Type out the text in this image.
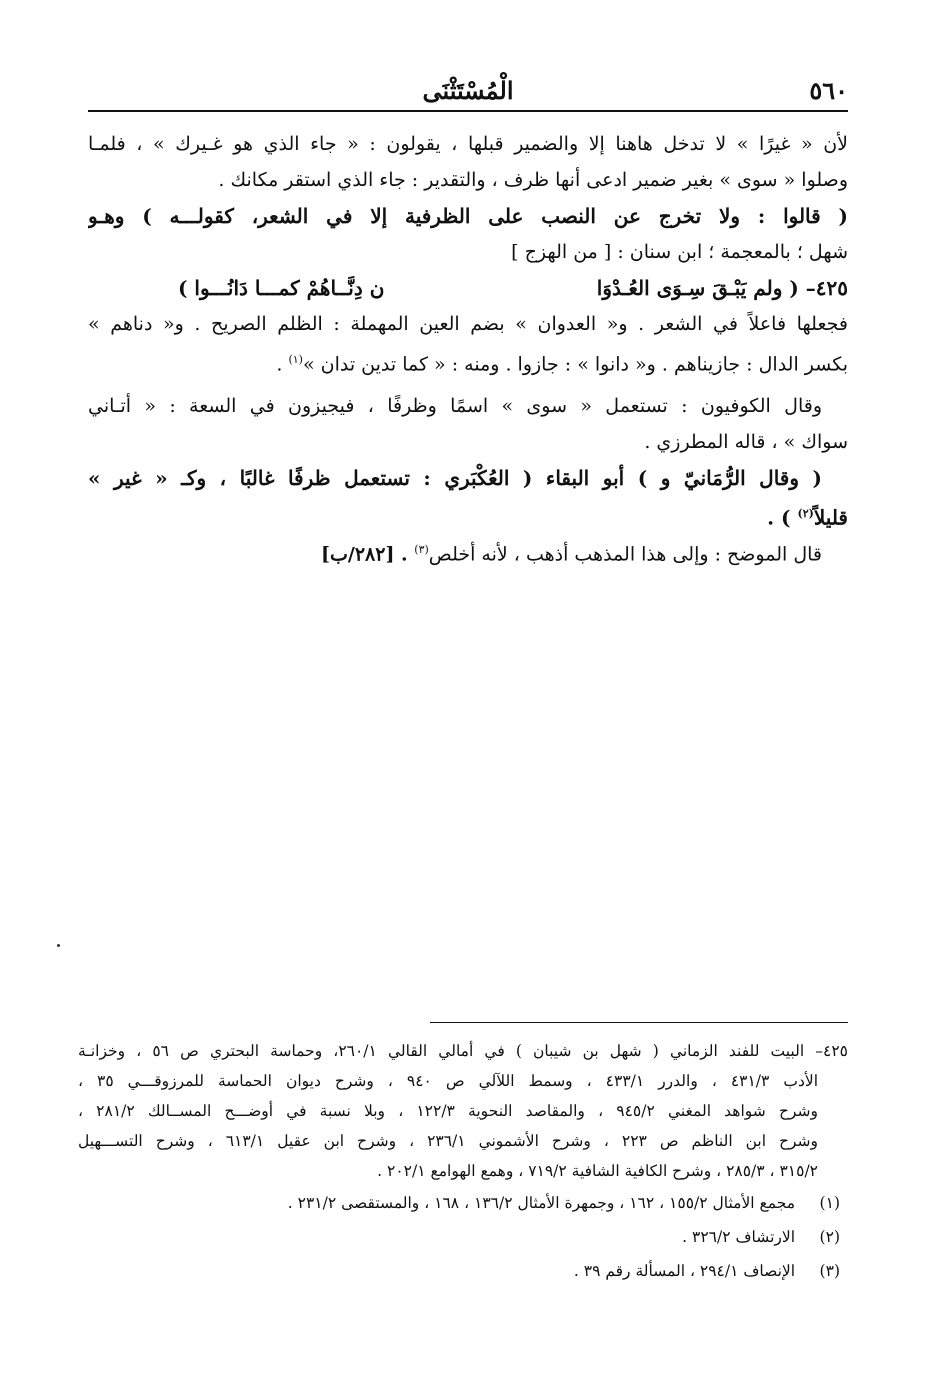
٥٦٠
الْمُسْتَثْنَى
لأن « غيرًا » لا تدخل هاهنا إلا والضمير قبلها ، يقولون : « جاء الذي هو غـيرك » ، فلمـا
وصلوا « سوى » بغير ضمير ادعى أنها ظرف ، والتقدير : جاء الذي استقر مكانك .
( قالوا : ولا تخرج عن النصب على الظرفية إلا في الشعر، كقولـــه ) وهـو
شهل ؛ بالمعجمة ؛ ابن سنان : [ من الهزج ]
٤٢٥– ( ولم يَبْـقَ سِـوَى العُـدْوَا
ن دِنَّــاهُمْ كمـــا دَانُـــوا )
فجعلها فاعلاً في الشعر . و« العدوان » بضم العين المهملة : الظلم الصريح . و« دناهم »
بكسر الدال : جازيناهم . و« دانوا » : جازوا . ومنه : « كما تدين تدان »$^{(١)}$ .
وقال الكوفيون : تستعمل « سوى » اسمًا وظرفًا ، فيجيزون في السعة : « أتـاني
سواك » ، قاله المطرزي .
( وقال الرُّمَانيّ و ) أبو البقاء ( العُكْبَري : تستعمل ظرفًا غالبًا ، وكـ « غير »
قليلاً$^{(٢)}$ ) .
قال الموضح : وإلى هذا المذهب أذهب ، لأنه أخلص$^{(٣)}$ . [٢٨٢/ب]
٤٢٥– البيت للفند الزماني ( شهل بن شيبان ) في أمالي القالي ٢٦٠/١، وحماسة البحتري ص ٥٦ ، وخزانـة
الأدب ٤٣١/٣ ، والدرر ٤٣٣/١ ، وسمط اللآلي ص ٩٤٠ ، وشرح ديوان الحماسة للمرزوقـــي ٣٥ ،
وشرح شواهد المغني ٩٤٥/٢ ، والمقاصد النحوية ١٢٢/٣ ، وبلا نسبة في أوضـــح المســالك ٢٨١/٢ ،
وشرح ابن الناظم ص ٢٢٣ ، وشرح الأشموني ٢٣٦/١ ، وشرح ابن عقيل ٦١٣/١ ، وشرح التســـهيل
٣١٥/٢ ، ٢٨٥/٣ ، وشرح الكافية الشافية ٧١٩/٢ ، وهمع الهوامع ٢٠٢/١ .
(١) مجمع الأمثال ١٥٥/٢ ، ١٦٢ ، وجمهرة الأمثال ١٣٦/٢ ، ١٦٨ ، والمستقصى ٢٣١/٢ .
(٢) الارتشاف ٣٢٦/٢ .
(٣) الإنصاف ٢٩٤/١ ، المسألة رقم ٣٩ .
